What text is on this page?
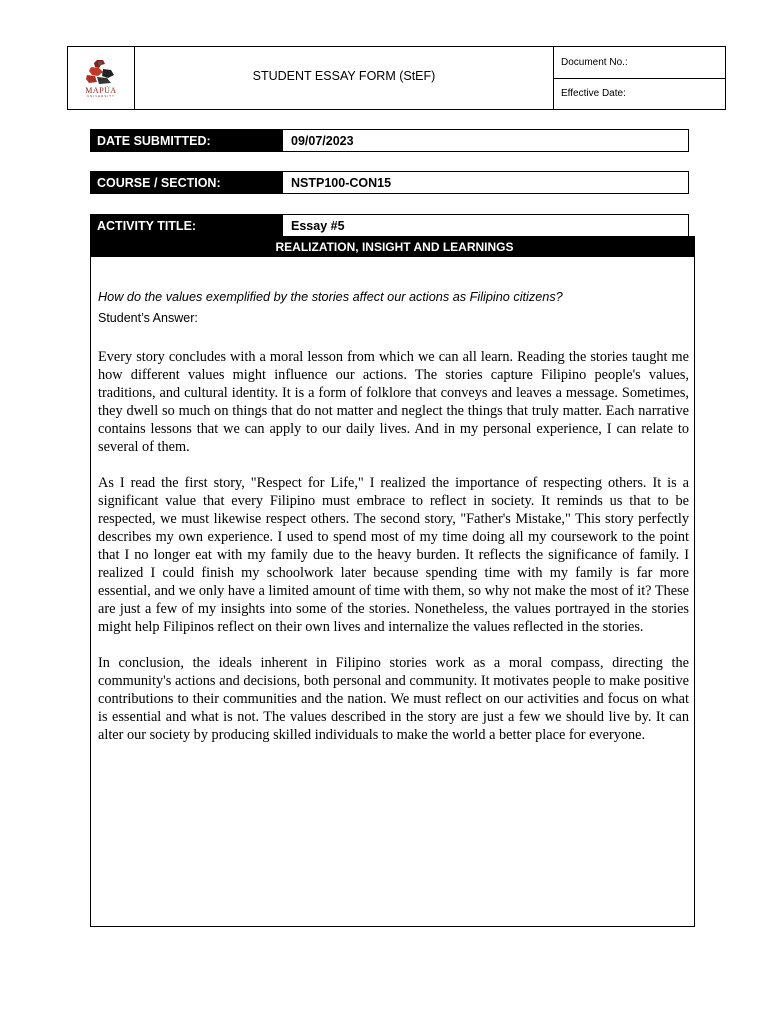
MAPÚA
UNIVERSITY
STUDENT ESSAY FORM (StEF)
Document No.:
Effective Date:
DATE SUBMITTED:	09/07/2023
COURSE / SECTION:	NSTP100-CON15
ACTIVITY TITLE:	Essay #5
REALIZATION, INSIGHT AND LEARNINGS
How do the values exemplified by the stories affect our actions as Filipino citizens?
Student’s Answer:

Every story concludes with a moral lesson from which we can all learn. Reading the stories taught me how different values might influence our actions. The stories capture Filipino people's values, traditions, and cultural identity. It is a form of folklore that conveys and leaves a message. Sometimes, they dwell so much on things that do not matter and neglect the things that truly matter. Each narrative contains lessons that we can apply to our daily lives. And in my personal experience, I can relate to several of them.

As I read the first story, "Respect for Life," I realized the importance of respecting others. It is a significant value that every Filipino must embrace to reflect in society. It reminds us that to be respected, we must likewise respect others. The second story, "Father's Mistake," This story perfectly describes my own experience. I used to spend most of my time doing all my coursework to the point that I no longer eat with my family due to the heavy burden. It reflects the significance of family. I realized I could finish my schoolwork later because spending time with my family is far more essential, and we only have a limited amount of time with them, so why not make the most of it? These are just a few of my insights into some of the stories. Nonetheless, the values portrayed in the stories might help Filipinos reflect on their own lives and internalize the values reflected in the stories.

In conclusion, the ideals inherent in Filipino stories work as a moral compass, directing the community's actions and decisions, both personal and community. It motivates people to make positive contributions to their communities and the nation. We must reflect on our activities and focus on what is essential and what is not. The values described in the story are just a few we should live by. It can alter our society by producing skilled individuals to make the world a better place for everyone.
